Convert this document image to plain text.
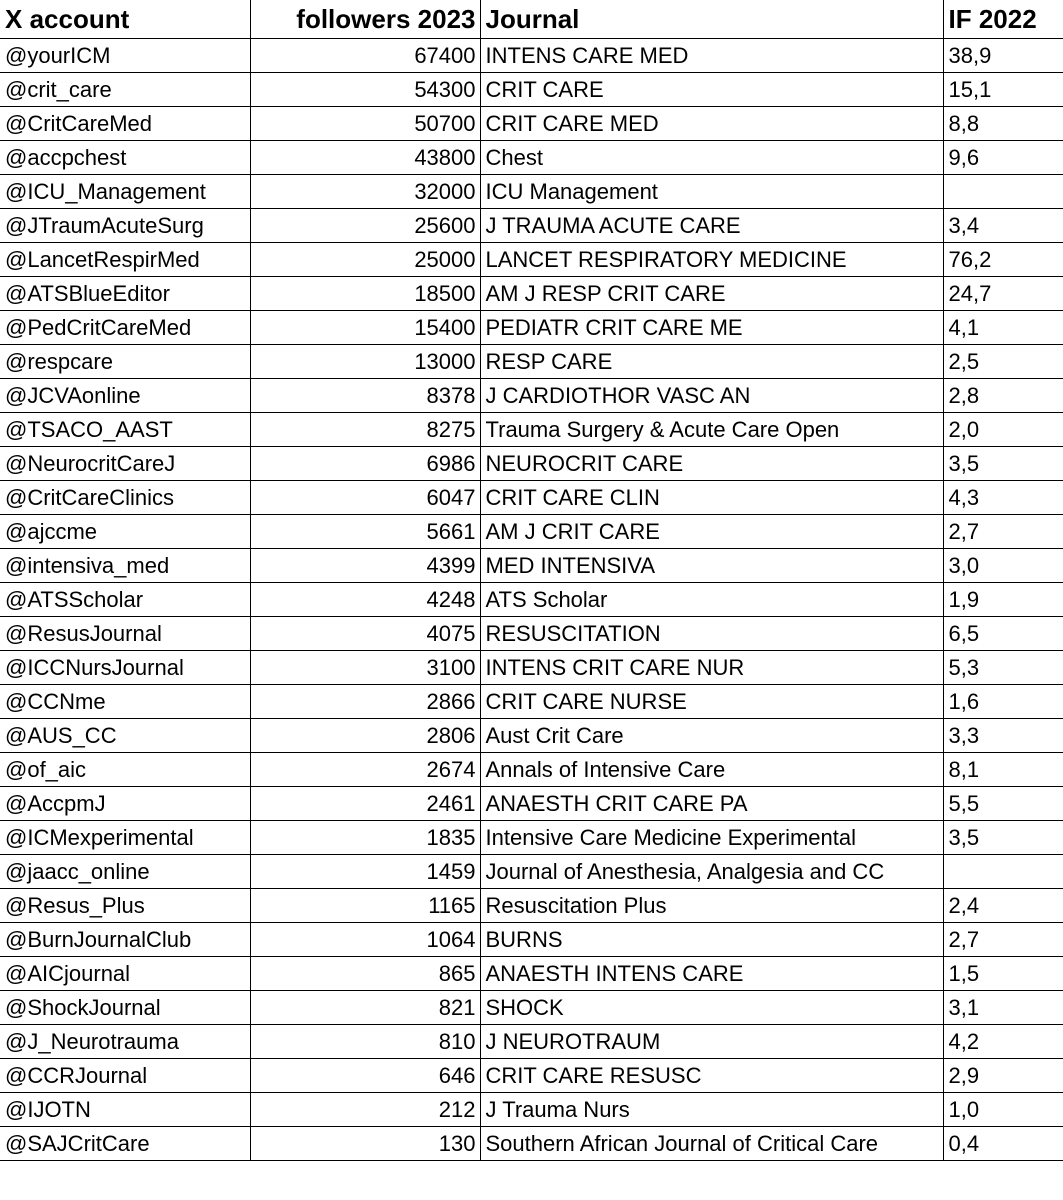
X account	followers 2023	Journal	IF 2022
@yourICM	67400	INTENS CARE MED	38,9
@crit_care	54300	CRIT CARE	15,1
@CritCareMed	50700	CRIT CARE MED	8,8
@accpchest	43800	Chest	9,6
@ICU_Management	32000	ICU Management	
@JTraumAcuteSurg	25600	J TRAUMA ACUTE CARE	3,4
@LancetRespirMed	25000	LANCET RESPIRATORY MEDICINE	76,2
@ATSBlueEditor	18500	AM J RESP CRIT CARE	24,7
@PedCritCareMed	15400	PEDIATR CRIT CARE ME	4,1
@respcare	13000	RESP CARE	2,5
@JCVAonline	8378	J CARDIOTHOR VASC AN	2,8
@TSACO_AAST	8275	Trauma Surgery & Acute Care Open	2,0
@NeurocritCareJ	6986	NEUROCRIT CARE	3,5
@CritCareClinics	6047	CRIT CARE CLIN	4,3
@ajccme	5661	AM J CRIT CARE	2,7
@intensiva_med	4399	MED INTENSIVA	3,0
@ATSScholar	4248	ATS Scholar	1,9
@ResusJournal	4075	RESUSCITATION	6,5
@ICCNursJournal	3100	INTENS CRIT CARE NUR	5,3
@CCNme	2866	CRIT CARE NURSE	1,6
@AUS_CC	2806	Aust Crit Care	3,3
@of_aic	2674	Annals of Intensive Care	8,1
@AccpmJ	2461	ANAESTH CRIT CARE PA	5,5
@ICMexperimental	1835	Intensive Care Medicine Experimental	3,5
@jaacc_online	1459	Journal of Anesthesia, Analgesia and CC	
@Resus_Plus	1165	Resuscitation Plus	2,4
@BurnJournalClub	1064	BURNS	2,7
@AICjournal	865	ANAESTH INTENS CARE	1,5
@ShockJournal	821	SHOCK	3,1
@J_Neurotrauma	810	J NEUROTRAUM	4,2
@CCRJournal	646	CRIT CARE RESUSC	2,9
@IJOTN	212	J Trauma Nurs	1,0
@SAJCritCare	130	Southern African Journal of Critical Care	0,4
